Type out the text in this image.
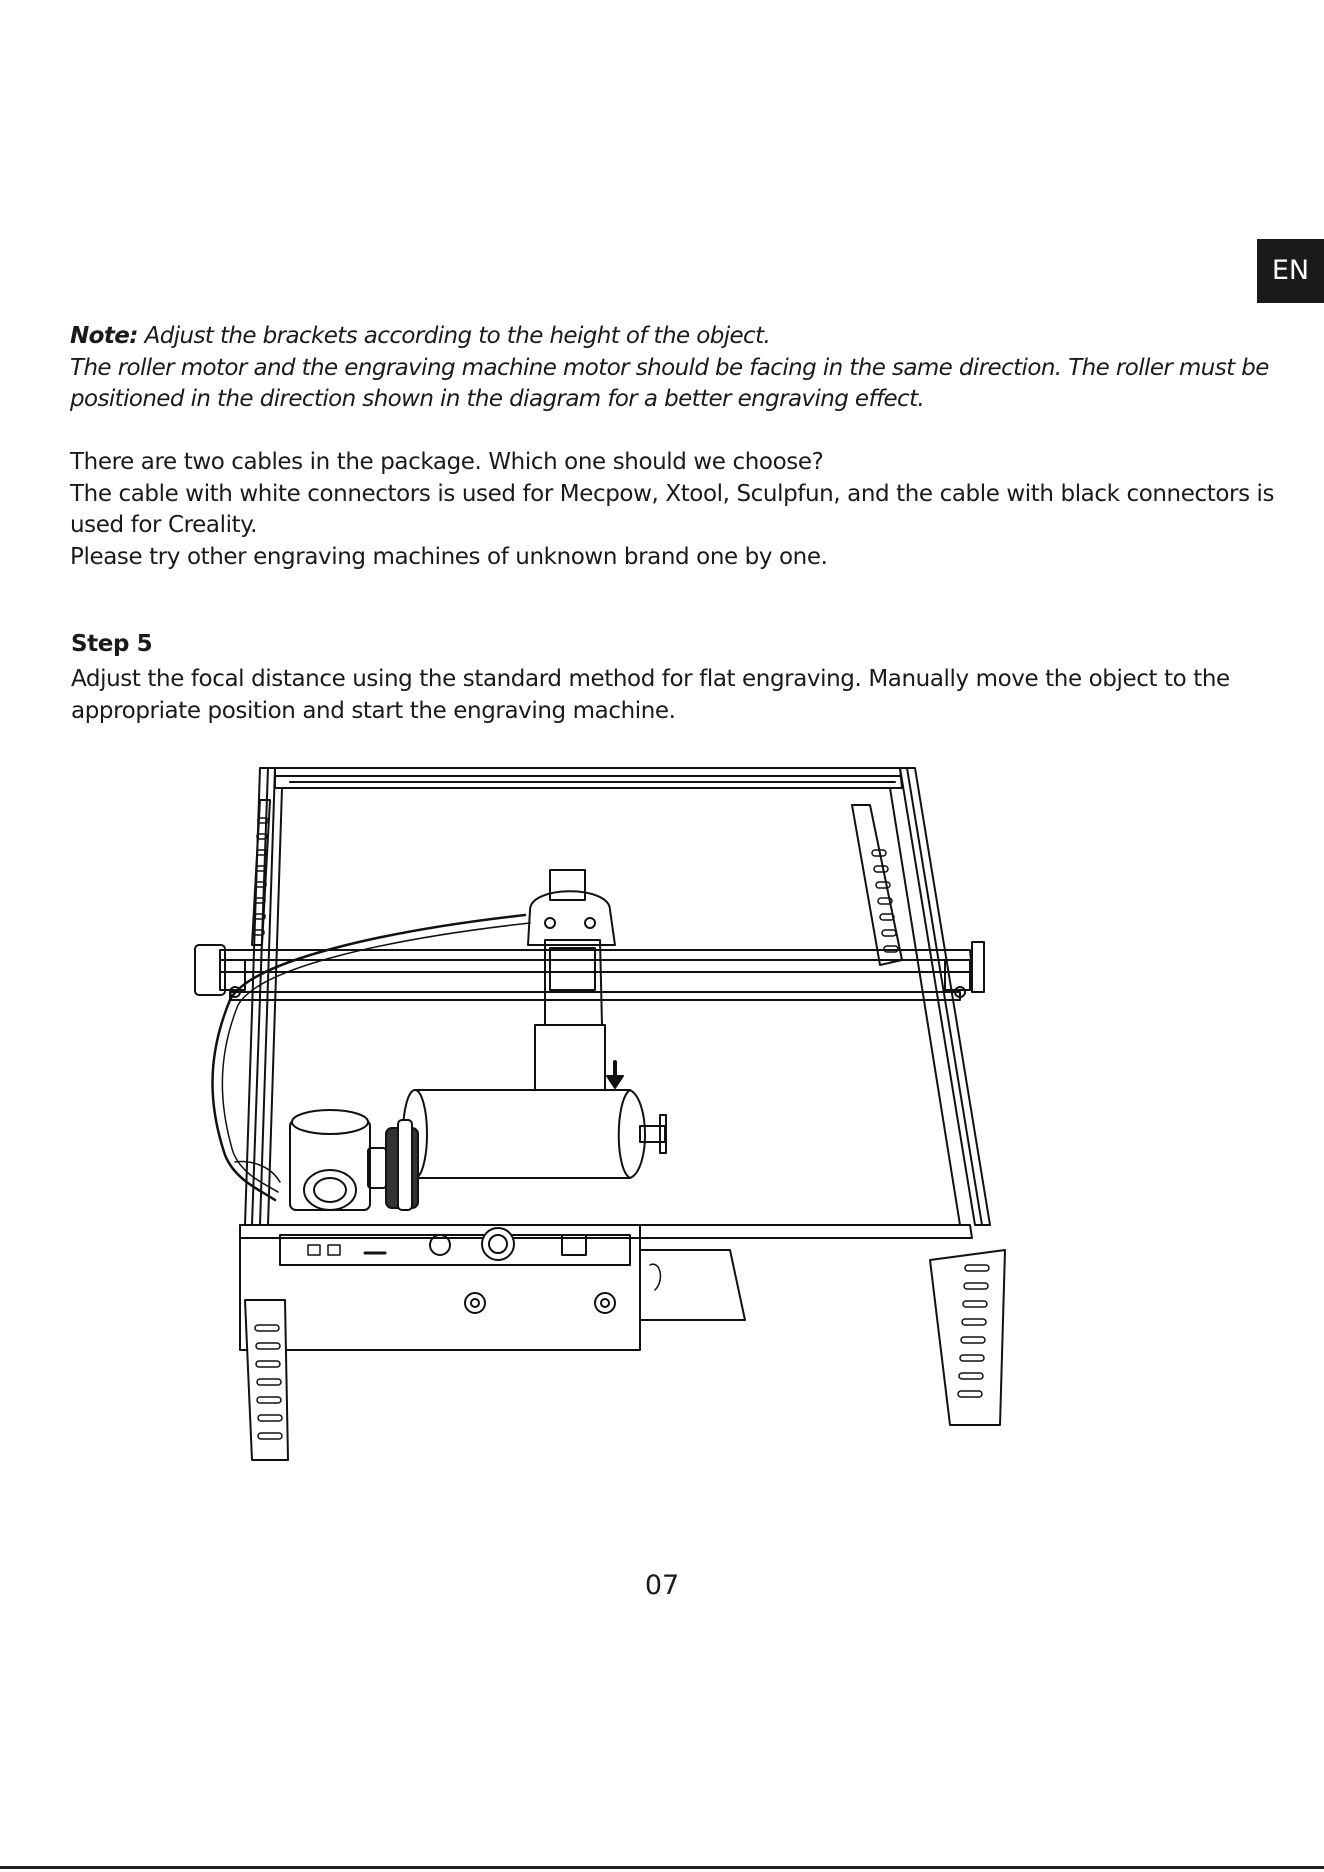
EN

Note: Adjust the brackets according to the height of the object.

The roller motor and the engraving machine motor should be facing in the same direction. The roller must be positioned in the direction shown in the diagram for a better engraving effect.

There are two cables in the package. Which one should we choose?

The cable with white connectors is used for Mecpow, Xtool, Sculpfun, and the cable with black connectors is used for Creality.

Please try other engraving machines of unknown brand one by one.

Step 5
Adjust the focal distance using the standard method for flat engraving. Manually move the object to the appropriate position and start the engraving machine.
07
